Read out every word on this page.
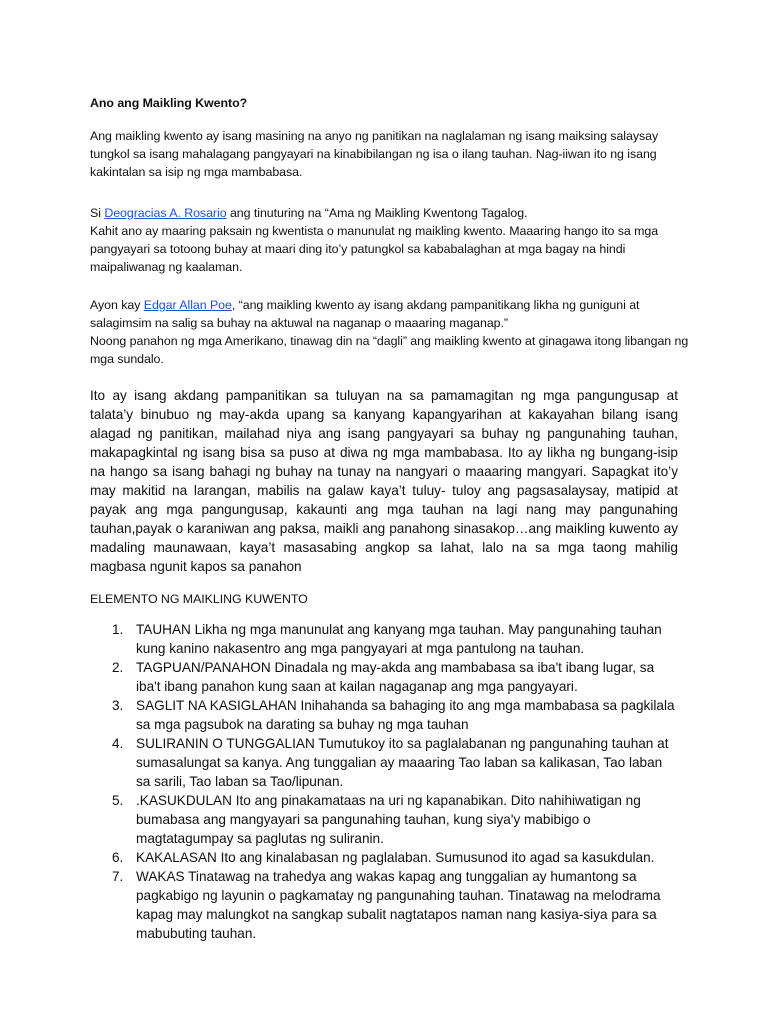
Ano ang Maikling Kwento?

Ang maikling kwento ay isang masining na anyo ng panitikan na naglalaman ng isang maiksing salaysay tungkol sa isang mahalagang pangyayari na kinabibilangan ng isa o ilang tauhan. Nag-iiwan ito ng isang kakintalan sa isip ng mga mambabasa.

Si Deogracias A. Rosario ang tinuturing na “Ama ng Maikling Kwentong Tagalog.
Kahit ano ay maaring paksain ng kwentista o manunulat ng maikling kwento. Maaaring hango ito sa mga pangyayari sa totoong buhay at maari ding ito’y patungkol sa kababalaghan at mga bagay na hindi maipaliwanag ng kaalaman.
Ayon kay Edgar Allan Poe, “ang maikling kwento ay isang akdang pampanitikang likha ng guniguni at salagimsim na salig sa buhay na aktuwal na naganap o maaaring maganap.”
Noong panahon ng mga Amerikano, tinawag din na “dagli” ang maikling kwento at ginagawa itong libangan ng mga sundalo.

Ito ay isang akdang pampanitikan sa tuluyan na sa pamamagitan ng mga pangungusap at talata’y binubuo ng may-akda upang sa kanyang kapangyarihan at kakayahan bilang isang alagad ng panitikan, mailahad niya ang isang pangyayari sa buhay ng pangunahing tauhan, makapagkintal ng isang bisa sa puso at diwa ng mga mambabasa. Ito ay likha ng bungang-isip na hango sa isang bahagi ng buhay na tunay na nangyari o maaaring mangyari. Sapagkat ito’y may makitid na larangan, mabilis na galaw kaya’t tuluy- tuloy ang pagsasalaysay, matipid at payak ang mga pangungusap, kakaunti ang mga tauhan na lagi nang may pangunahing tauhan,payak o karaniwan ang paksa, maikli ang panahong sinasakop…ang maikling kuwento ay madaling maunawaan, kaya’t masasabing angkop sa lahat, lalo na sa mga taong mahilig magbasa ngunit kapos sa panahon

ELEMENTO NG MAIKLING KUWENTO

1. TAUHAN Likha ng mga manunulat ang kanyang mga tauhan. May pangunahing tauhan kung kanino nakasentro ang mga pangyayari at mga pantulong na tauhan.
2. TAGPUAN/PANAHON Dinadala ng may-akda ang mambabasa sa iba't ibang lugar, sa iba't ibang panahon kung saan at kailan nagaganap ang mga pangyayari.
3. SAGLIT NA KASIGLAHAN Inihahanda sa bahaging ito ang mga mambabasa sa pagkilala sa mga pagsubok na darating sa buhay ng mga tauhan
4. SULIRANIN O TUNGGALIAN Tumutukoy ito sa paglalabanan ng pangunahing tauhan at sumasalungat sa kanya. Ang tunggalian ay maaaring Tao laban sa kalikasan, Tao laban sa sarili, Tao laban sa Tao/lipunan.
5. .KASUKDULAN Ito ang pinakamataas na uri ng kapanabikan. Dito nahihiwatigan ng bumabasa ang mangyayari sa pangunahing tauhan, kung siya'y mabibigo o magtatagumpay sa paglutas ng suliranin.
6. KAKALASAN Ito ang kinalabasan ng paglalaban. Sumusunod ito agad sa kasukdulan.
7. WAKAS Tinatawag na trahedya ang wakas kapag ang tunggalian ay humantong sa pagkabigo ng layunin o pagkamatay ng pangunahing tauhan. Tinatawag na melodrama kapag may malungkot na sangkap subalit nagtatapos naman nang kasiya-siya para sa mabubuting tauhan.
